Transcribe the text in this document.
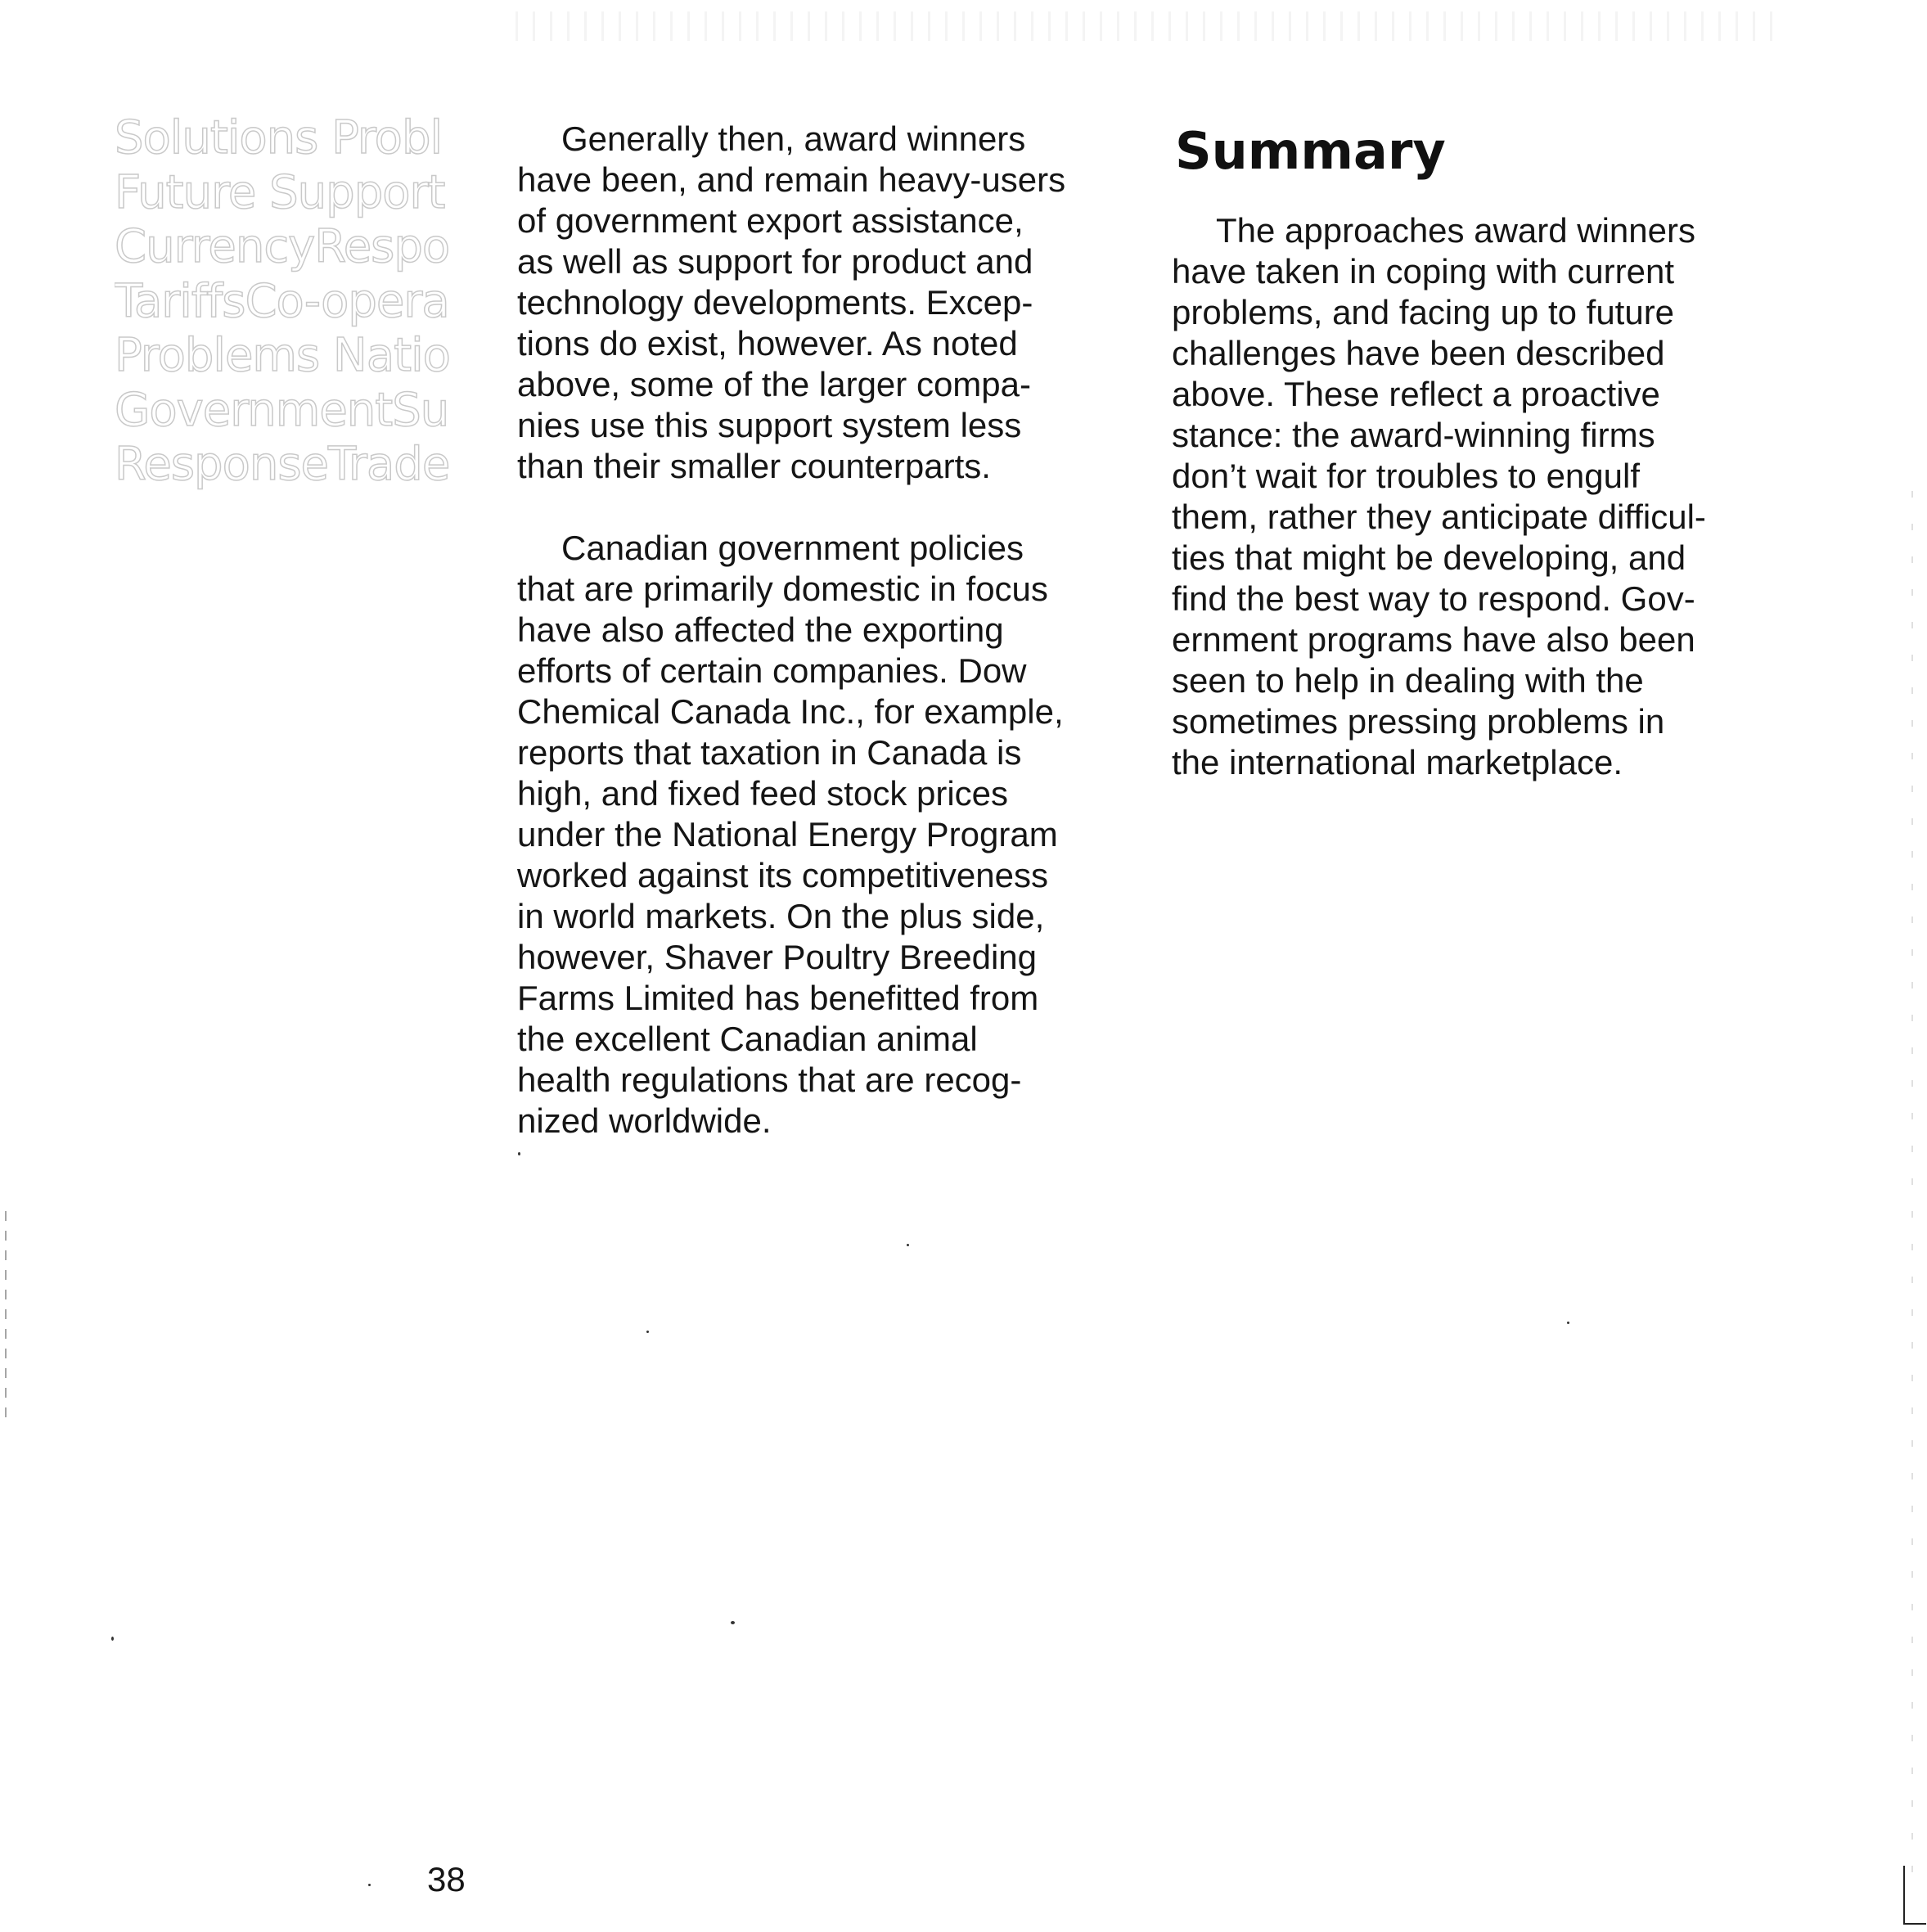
Solutions Probl
Future Support
CurrencyRespo
TariffsCo-opera
Problems Natio
GovernmentSu
ResponseTrade

Generally then, award winners

have been, and remain heavy-users

of government export assistance,

as well as support for product and

technology developments. Excep-

tions do exist, however. As noted

above, some of the larger compa-

nies use this support system less

than their smaller counterparts.

Canadian government policies

that are primarily domestic in focus

have also affected the exporting

efforts of certain companies. Dow

Chemical Canada Inc., for example,

reports that taxation in Canada is

high, and fixed feed stock prices

under the National Energy Program

worked against its competitiveness

in world markets. On the plus side,

however, Shaver Poultry Breeding

Farms Limited has benefitted from

the excellent Canadian animal

health regulations that are recog-

nized worldwide.

Summary

The approaches award winners

have taken in coping with current

problems, and facing up to future

challenges have been described

above. These reflect a proactive

stance: the award-winning firms

don’t wait for troubles to engulf

them, rather they anticipate difficul-

ties that might be developing, and

find the best way to respond. Gov-

ernment programs have also been

seen to help in dealing with the

sometimes pressing problems in

the international marketplace.

38
